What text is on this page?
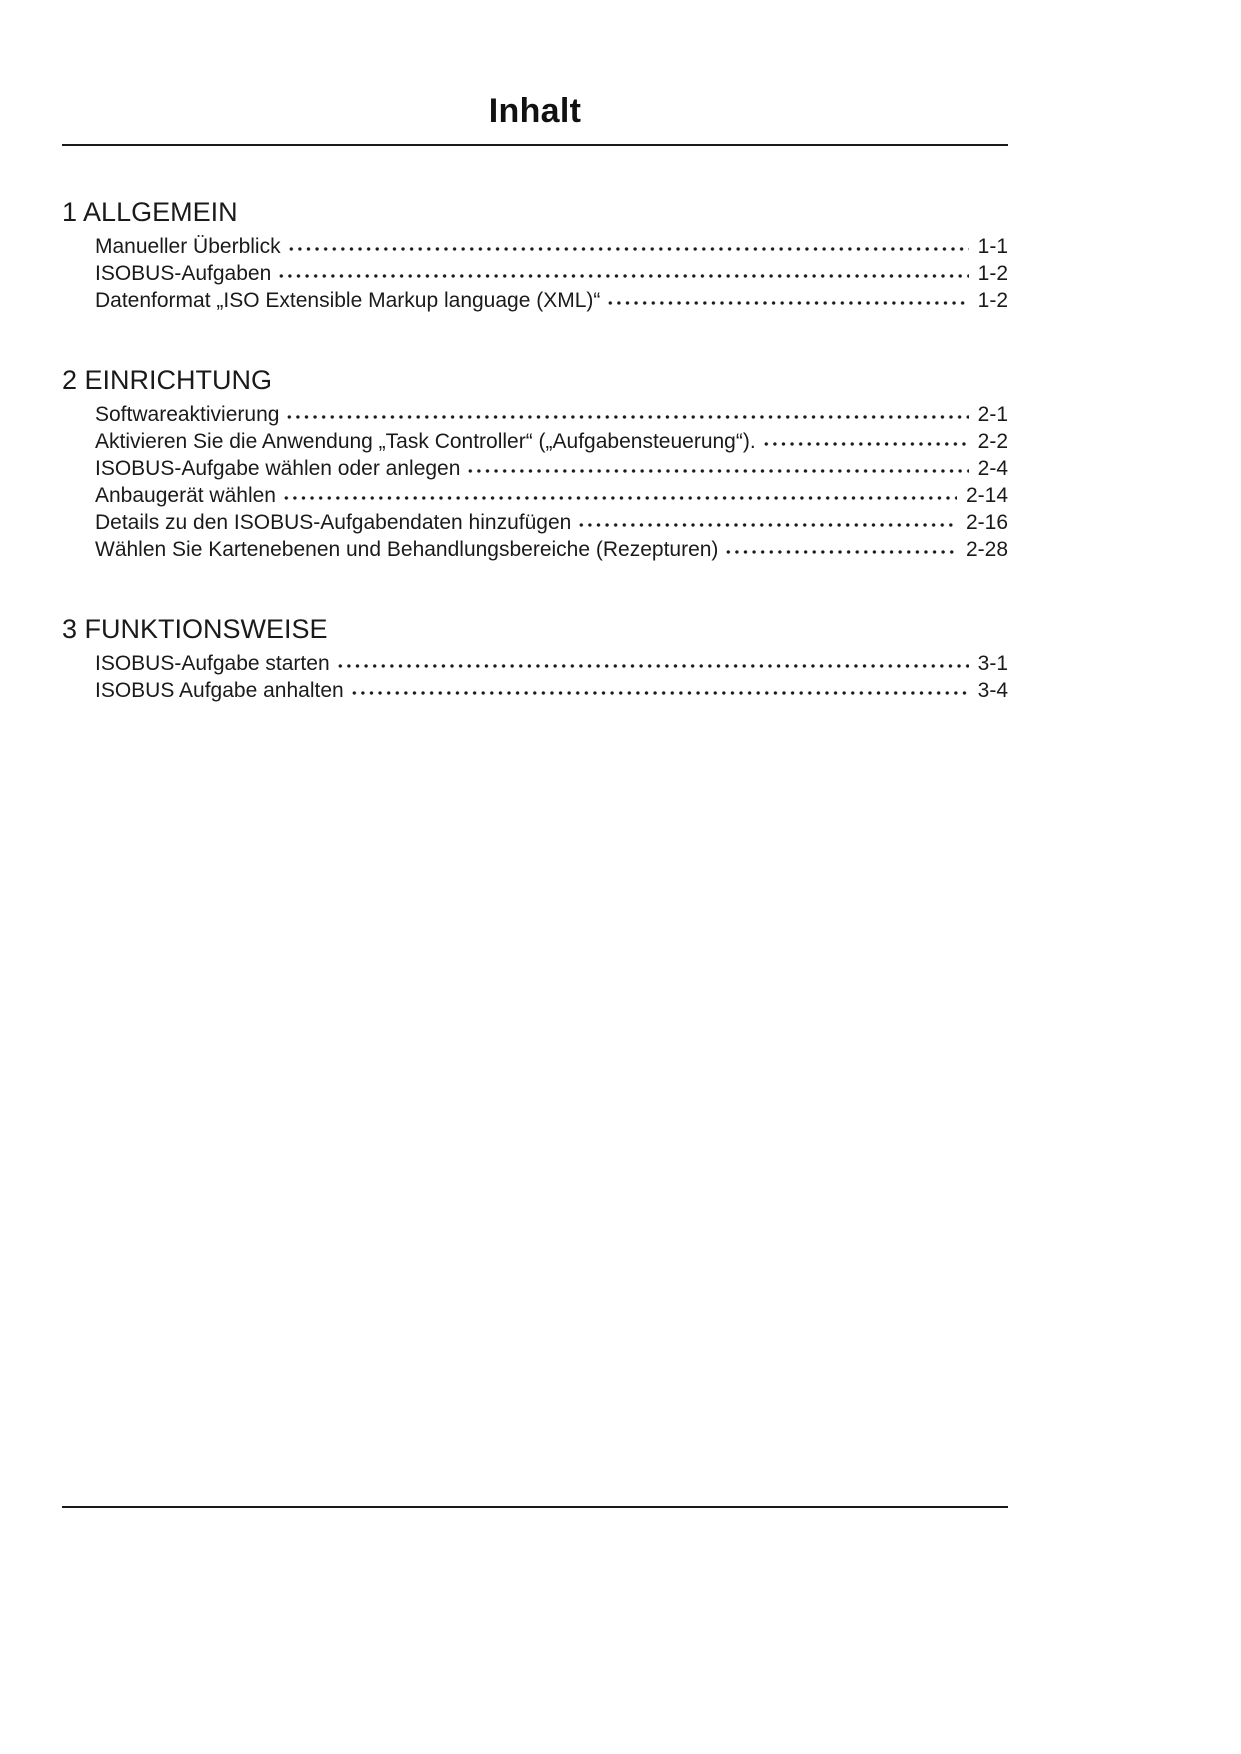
Inhalt
1 ALLGEMEIN
Manueller Überblick	1-1
ISOBUS-Aufgaben	1-2
Datenformat „ISO Extensible Markup language (XML)“	1-2
2 EINRICHTUNG
Softwareaktivierung	2-1
Aktivieren Sie die Anwendung „Task Controller“ („Aufgabensteuerung“).	2-2
ISOBUS-Aufgabe wählen oder anlegen	2-4
Anbaugerät wählen	2-14
Details zu den ISOBUS-Aufgabendaten hinzufügen	2-16
Wählen Sie Kartenebenen und Behandlungsbereiche (Rezepturen)	2-28
3 FUNKTIONSWEISE
ISOBUS-Aufgabe starten	3-1
ISOBUS Aufgabe anhalten	3-4
